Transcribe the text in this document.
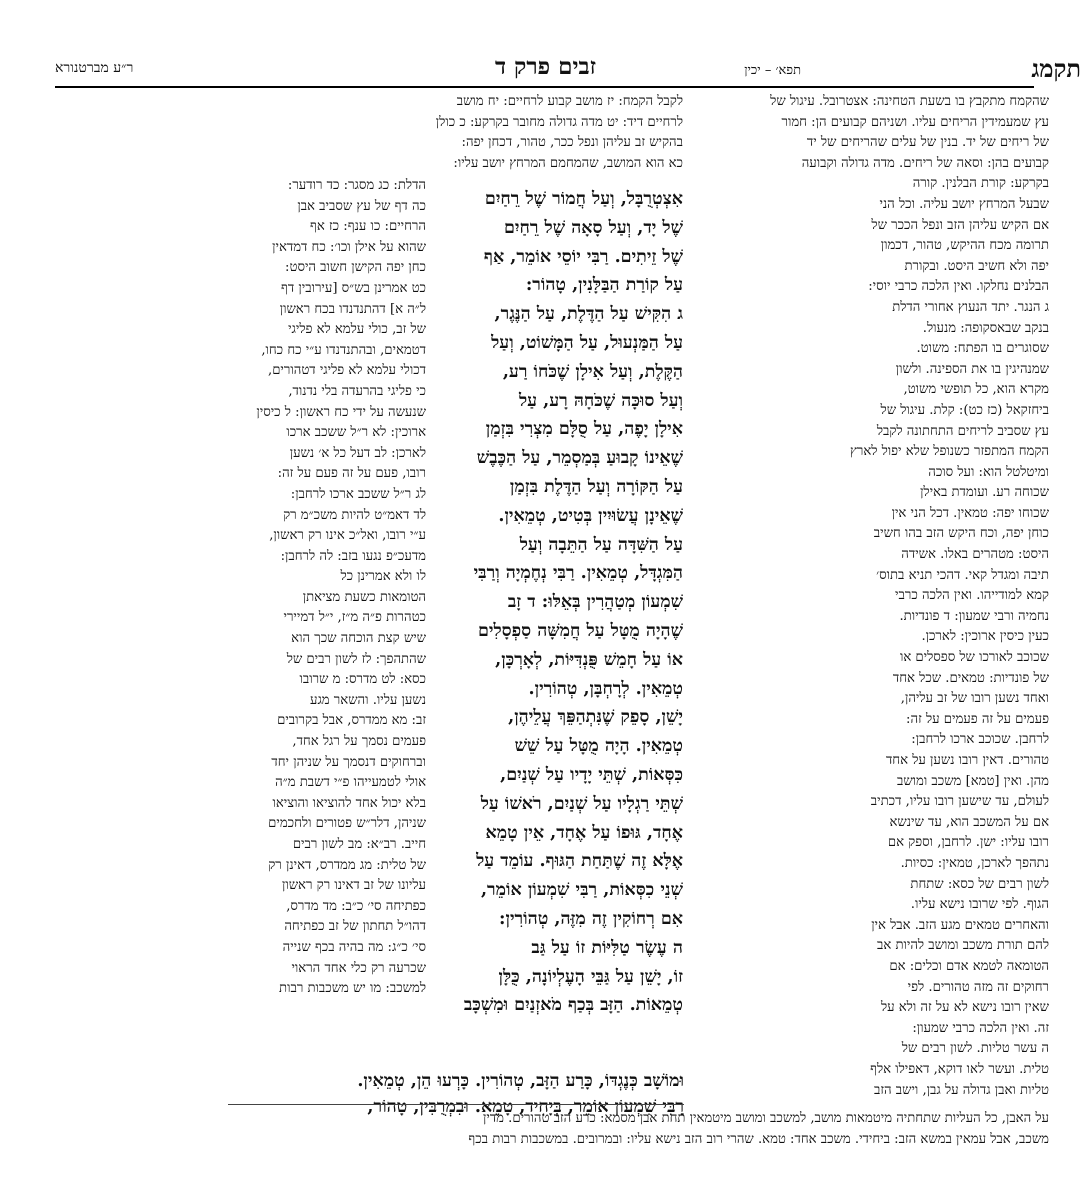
תקמג
תפא׳ – יכין
זבים פרק ד
ר״ע מברטנורא
שהקמח מתקבץ בו בשעת הטחינה: אצטרובל. עיגול של
עץ שמעמידין הריחים עליו. ושניהם קבועים הן: חמור
של ריחים של יד. בנין של עלים שהריחים של יד
קבועים בהן: וסאה של ריחים. מדה גדולה וקבועה
בקרקע: קורת הבלנין. קורה
שבעל המרחץ יושב עליה. וכל הני
אם הקיש עליהן הזב ונפל הככר של
תרומה מכח ההיקש, טהור, דכמון
יפה ולא חשיב היסט. ובקורת
הבלנים נחלקו. ואין הלכה כרבי יוסי:
ג הנגר. יתד הנעוץ אחורי הדלת
בנקב שבאסקופה: מנעול.
שסוגרים בו הפתח: משוט.
שמנהיגין בו את הספינה. ולשון
מקרא הוא, כל תופשי משוט,
ביחזקאל (כז כט): קלת. עיגול של
עץ שסביב לריחים התחתונה לקבל
הקמח המתפזר כשנופל שלא יפול לארץ
ומיטלטל הוא: ועל סוכה
שכוחה רע. ועומדת באילן
שכוחו יפה: טמאין. דכל הני אין
כוחן יפה, וכח היקש הזב בהו חשיב
היסט: מטהרים באלו. אשידה
תיבה ומגדל קאי. דהכי תניא בתוס׳
קמא למודייהו. ואין הלכה כרבי
נחמיה ורבי שמעון: ד פונדיות.
כעין כיסין ארוכין: לארכן.
שכוכב לאורכו של ספסלים או
של פונדיות: טמאים. שכל אחד
ואחד נשען רובו של זב עליהן,
פעמים על זה פעמים על זה:
לרחבן. שכוכב ארכו לרחבן:
טהורים. דאין רובו נשען על אחד
מהן. ואין [טמא] משכב ומושב
לעולם, עד שישען רובו עליו, דכתיב
אם על המשכב הוא, עד שינשא
רובו עליו: ישן. לרחבן, וספק אם
נתהפך לארכן, טמאין: כסיות.
לשון רבים של כסא: שתחת
הגוף. לפי שרובו נישא עליו.
והאחרים טמאים מגע הזב. אבל אין
להם תורת משכב ומושב להיות אב
הטומאה לטמא אדם וכלים: אם
רחוקים זה מזה טהורים. לפי
שאין רובו נישא לא על זה ולא על
זה. ואין הלכה כרבי שמעון:
ה עשר טליות. לשון רבים של
טלית. ועשר לאו דוקא, דאפילו אלף
טליות ואבן גדולה על גבן, וישב הזב
לקבל הקמח: יז מושב קבוע לרחיים: יח מושב
לרחיים דיד: יט מדה גדולה מחובר בקרקע: כ כולן
בהקיש זב עליהן ונפל ככר, טהור, דכחן יפה:
כא הוא המושב, שהמחמם המרחץ יושב עליו:
אִצְטְרֻבָּל, וְעַל חֲמוֹר שֶׁל רֵחַיִם
שֶׁל יָד, וְעַל סָאָה שֶׁל רֵחַיִם
שֶׁל זֵיתִים. רַבִּי יוֹסֵי אוֹמֵר, אַף
עַל קוֹרַת הַבַּלָּנִין, טָהוֹר:
ג הִקִּישׁ עַל הַדֶּלֶת, עַל הַנֶּגֶר,
עַל הַמַּנְעוּל, עַל הַמָּשׁוֹט, וְעַל
הַקֶּלֶת, וְעַל אִילָן שֶׁכֹּחוֹ רַע,
וְעַל סוּכָּה שֶׁכֹּחָהּ רָע, עַל
אִילָן יָפֶה, עַל סֻלָּם מִצְרִי בִּזְמַן
שֶׁאֵינוֹ קָבוּעַ בְּמַסְמֵר, עַל הַכֶּבֶשׁ
עַל הַקּוֹרָה וְעַל הַדֶּלֶת בִּזְמַן
שֶׁאֵינָן עֲשׂוּיִין בְּטִיט, טְמֵאִין.
עַל הַשִּׁדָּה עַל הַתֵּבָה וְעַל
הַמִּגְדָּל, טְמֵאִין. רַבִּי נְחֶמְיָה וְרַבִּי
שִׁמְעוֹן מְטַהֲרִין בְּאֵלּוּ: ד זָב
שֶׁהָיָה מֻטָּל עַל חֲמִשָּׁה סַפְסָלִים
אוֹ עַל חָמֵשׁ פֻּנְדִּיּוֹת, לְאָרְכָּן,
טְמֵאִין. לְרָחְבָּן, טְהוֹרִין.
יָשֵׁן, סָפֵק שֶׁנִּתְהַפֵּךְ עֲלֵיהֶן,
טְמֵאִין. הָיָה מֻטָּל עַל שֵׁשׁ
כִּסְּאוֹת, שְׁתֵּי יָדָיו עַל שְׁנַיִם,
שְׁתֵּי רַגְלָיו עַל שְׁנַיִם, רֹאשׁוֹ עַל
אֶחָד, גּוּפוֹ עַל אֶחָד, אֵין טָמֵא
אֶלָּא זֶה שֶׁתַּחַת הַגּוּף. עוֹמֵד עַל
שְׁנֵי כִסְּאוֹת, רַבִּי שִׁמְעוֹן אוֹמֵר,
אִם רְחוֹקִין זֶה מִזֶּה, טְהוֹרִין:
ה עֶשֶׂר טַלִּיּוֹת זוֹ עַל גַּב
זוֹ, יָשֵׁן עַל גַּבֵּי הָעֶלְיוֹנָה, כֻּלָּן
טְמֵאוֹת. הַזָּב בְּכַף מֹאזְנַיִם וּמִשְׁכָּב
הדלת: כג מסגר: כד רודער:
כה דף של עץ שסביב אבן
הרחיים: כו ענף: כז אף
שהוא על אילן וכו׳: כח דמדאין
כחן יפה הקישן חשוב היסט:
כט אמרינן בש״ס [עירובין דף
ל״ה א] דהתנדנדו בכח ראשון
של זב, כולי עלמא לא פליגי
דטמאים, ובהתנדנדו ע״י כח כחו,
דכולי עלמא לא פליגי דטהורים,
כי פליגי בהרעדה בלי נדנוד,
שנעשה על ידי כח ראשון: ל כיסין
ארוכין: לא ר״ל ששכב ארכו
לארכן: לב דעל כל א׳ נשען
רובו, פעם על זה פעם על זה:
לג ר״ל ששכב ארכו לרחבן:
לד דאמ״ט להיות משכ״מ רק
ע״י רובו, ואל״כ אינו רק ראשון,
מדעכ״פ נגעו בזב: לה לרחבן:
לו ולא אמרינן כל
הטומאות כשעת מציאתן
כטהרות פ״ה מ״ז, י״ל דמיירי
שיש קצת הוכחה שכך הוא
שהתהפך: לז לשון רבים של
כסא: לט מדרס: מ שרובו
נשען עליו. והשאר מגע
זב: מא ממדרס, אבל בקרובים
פעמים נסמך על רגל אחד,
וברחוקים דנסמך על שניהן יחד
אולי לטמעייהו פ״י דשבת מ״ה
בלא יכול אחד להוציאו והוציאו
שניהן, דלר״ש פטורים ולחכמים
חייב. רב״א: מב לשון רבים
של טלית: מג ממדרס, דאינן רק
עליונו של זב דאינו רק ראשון
כפתיחה סי׳ כ״ב: מד מדרס,
דהו״ל תחתון של זב כפתיחה
סי׳ כ״ג: מה בהיה בכף שנייה
שכרעה רק כלי אחד הראוי
למשכב: מו יש משכבות רבות
וּמוֹשָׁב כְּנֶגְדּוֹ, כָּרַע הַזָּב, טְהוֹרִין. כָּרְעוּ הֵן, טְמֵאִין.
רַבִּי שִׁמְעוֹן אוֹמֵר, בְּיָחִיד, טָמֵא. וּבִמְרֻבִּין, טָהוֹר,
על האבן, כל העליות שתחתיה מיטמאות מושב, למשכב ומושב מיטמאין תחת אבן מסמא: כרע הזב טהורים. מדין
משכב, אבל עמאין במשא הזב: ביחידי. משכב אחד: טמא. שהרי רוב הזב נישא עליו: ובמרובים. במשכבות רבות בכף
